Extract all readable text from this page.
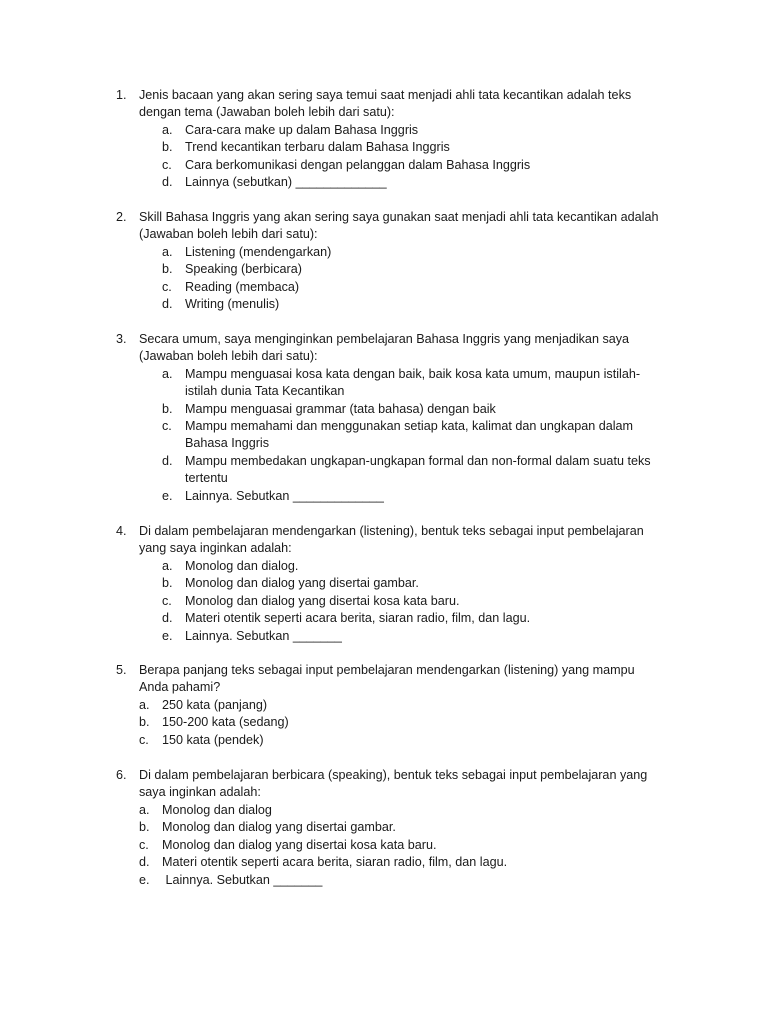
1. Jenis bacaan yang akan sering saya temui saat menjadi ahli tata kecantikan adalah teks
dengan tema (Jawaban boleh lebih dari satu):
a. Cara-cara make up dalam Bahasa Inggris
b. Trend kecantikan terbaru dalam Bahasa Inggris
c. Cara berkomunikasi dengan pelanggan dalam Bahasa Inggris
d. Lainnya (sebutkan) _____________
2. Skill Bahasa Inggris yang akan sering saya gunakan saat menjadi ahli tata kecantikan adalah
(Jawaban boleh lebih dari satu):
a. Listening (mendengarkan)
b. Speaking (berbicara)
c. Reading (membaca)
d. Writing (menulis)
3. Secara umum, saya menginginkan pembelajaran Bahasa Inggris yang menjadikan saya
(Jawaban boleh lebih dari satu):
a. Mampu menguasai kosa kata dengan baik, baik kosa kata umum, maupun istilah-
istilah dunia Tata Kecantikan
b. Mampu menguasai grammar (tata bahasa) dengan baik
c. Mampu memahami dan menggunakan setiap kata, kalimat dan ungkapan dalam
Bahasa Inggris
d. Mampu membedakan ungkapan-ungkapan formal dan non-formal dalam suatu teks
tertentu
e. Lainnya. Sebutkan _____________
4. Di dalam pembelajaran mendengarkan (listening), bentuk teks sebagai input pembelajaran
yang saya inginkan adalah:
a. Monolog dan dialog.
b. Monolog dan dialog yang disertai gambar.
c. Monolog dan dialog yang disertai kosa kata baru.
d. Materi otentik seperti acara berita, siaran radio, film, dan lagu.
e. Lainnya. Sebutkan _______
5. Berapa panjang teks sebagai input pembelajaran mendengarkan (listening) yang mampu
Anda pahami?
a. 250 kata (panjang)
b. 150-200 kata (sedang)
c. 150 kata (pendek)
6. Di dalam pembelajaran berbicara (speaking), bentuk teks sebagai input pembelajaran yang
saya inginkan adalah:
a. Monolog dan dialog
b. Monolog dan dialog yang disertai gambar.
c. Monolog dan dialog yang disertai kosa kata baru.
d. Materi otentik seperti acara berita, siaran radio, film, dan lagu.
e. Lainnya. Sebutkan _______
